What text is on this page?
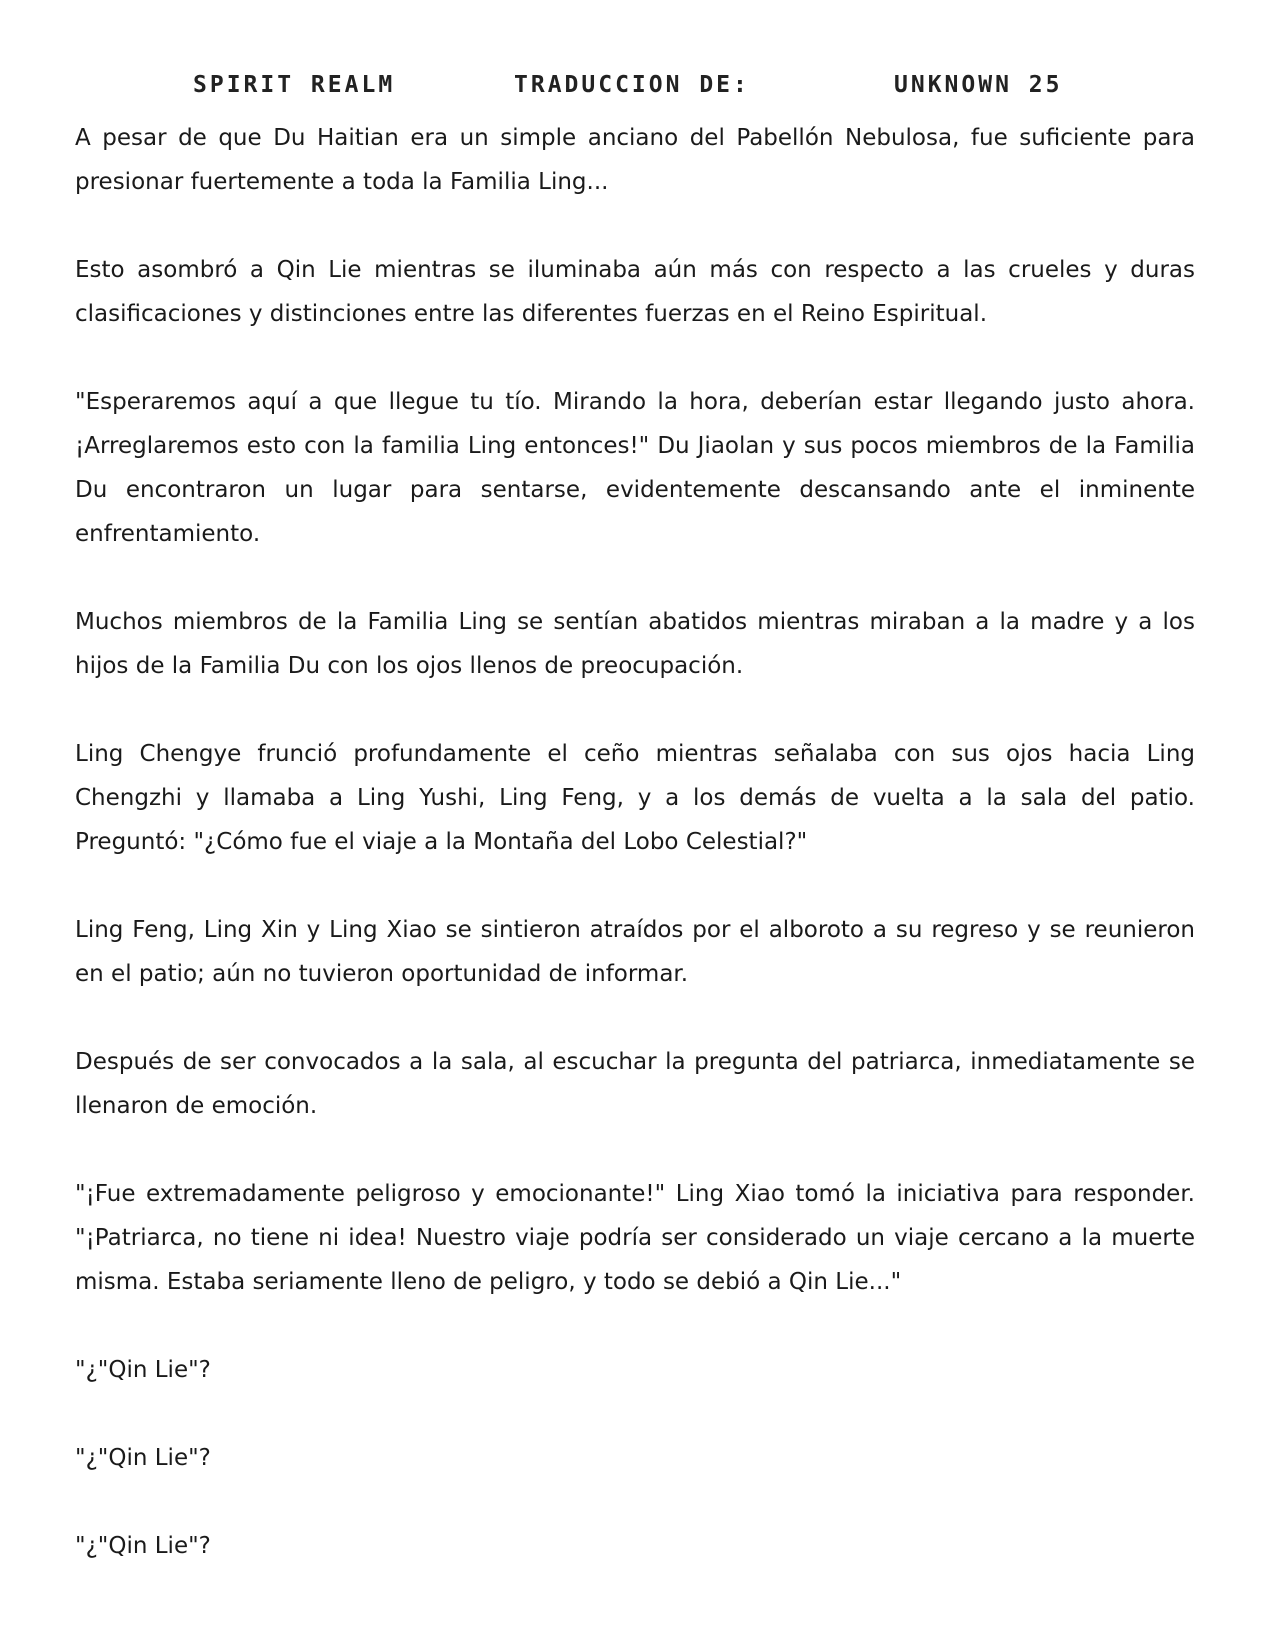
SPIRIT REALM	TRADUCCION DE:	UNKNOWN 25

A pesar de que Du Haitian era un simple anciano del Pabellón Nebulosa, fue suficiente para presionar fuertemente a toda la Familia Ling...

Esto asombró a Qin Lie mientras se iluminaba aún más con respecto a las crueles y duras clasificaciones y distinciones entre las diferentes fuerzas en el Reino Espiritual.

"Esperaremos aquí a que llegue tu tío. Mirando la hora, deberían estar llegando justo ahora. ¡Arreglaremos esto con la familia Ling entonces!" Du Jiaolan y sus pocos miembros de la Familia Du encontraron un lugar para sentarse, evidentemente descansando ante el inminente enfrentamiento.

Muchos miembros de la Familia Ling se sentían abatidos mientras miraban a la madre y a los hijos de la Familia Du con los ojos llenos de preocupación.

Ling Chengye frunció profundamente el ceño mientras señalaba con sus ojos hacia Ling Chengzhi y llamaba a Ling Yushi, Ling Feng, y a los demás de vuelta a la sala del patio. Preguntó: "¿Cómo fue el viaje a la Montaña del Lobo Celestial?"

Ling Feng, Ling Xin y Ling Xiao se sintieron atraídos por el alboroto a su regreso y se reunieron en el patio; aún no tuvieron oportunidad de informar.

Después de ser convocados a la sala, al escuchar la pregunta del patriarca, inmediatamente se llenaron de emoción.

"¡Fue extremadamente peligroso y emocionante!" Ling Xiao tomó la iniciativa para responder. "¡Patriarca, no tiene ni idea! Nuestro viaje podría ser considerado un viaje cercano a la muerte misma. Estaba seriamente lleno de peligro, y todo se debió a Qin Lie..."

"¿"Qin Lie"?

"¿"Qin Lie"?

"¿"Qin Lie"?
